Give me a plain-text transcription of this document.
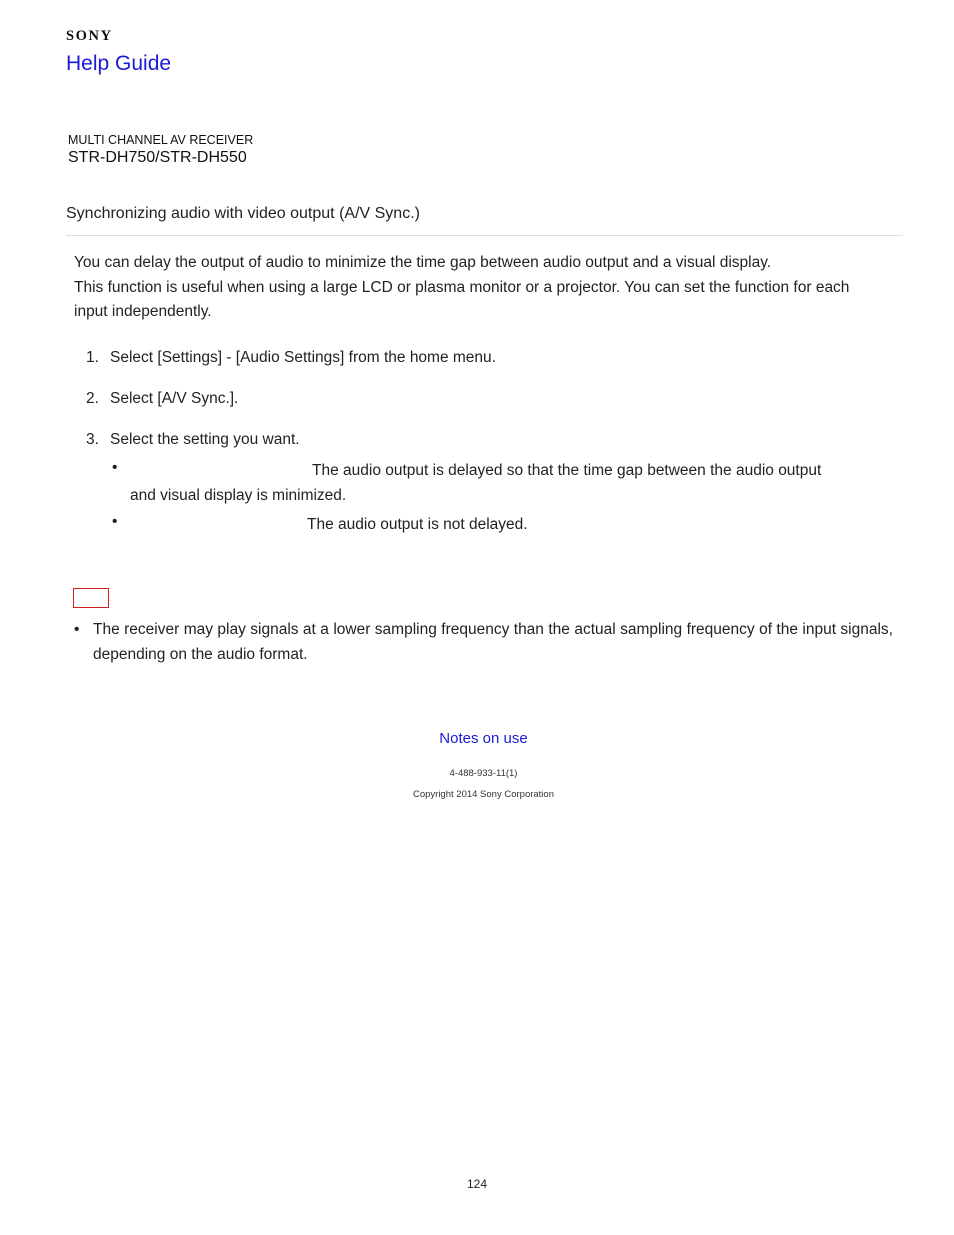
SONY
Help Guide
MULTI CHANNEL AV RECEIVER
STR-DH750/STR-DH550
Synchronizing audio with video output (A/V Sync.)

You can delay the output of audio to minimize the time gap between audio output and a visual display.

This function is useful when using a large LCD or plasma monitor or a projector. You can set the function for each input independently.

1. Select [Settings] - [Audio Settings] from the home menu.
2. Select [A/V Sync.].
3. Select the setting you want.
•	The audio output is delayed so that the time gap between the audio output
and visual display is minimized.
•	The audio output is not delayed.
• The receiver may play signals at a lower sampling frequency than the actual sampling frequency of the input signals, depending on the audio format.
Notes on use
4-488-933-11(1)
Copyright 2014 Sony Corporation
124
